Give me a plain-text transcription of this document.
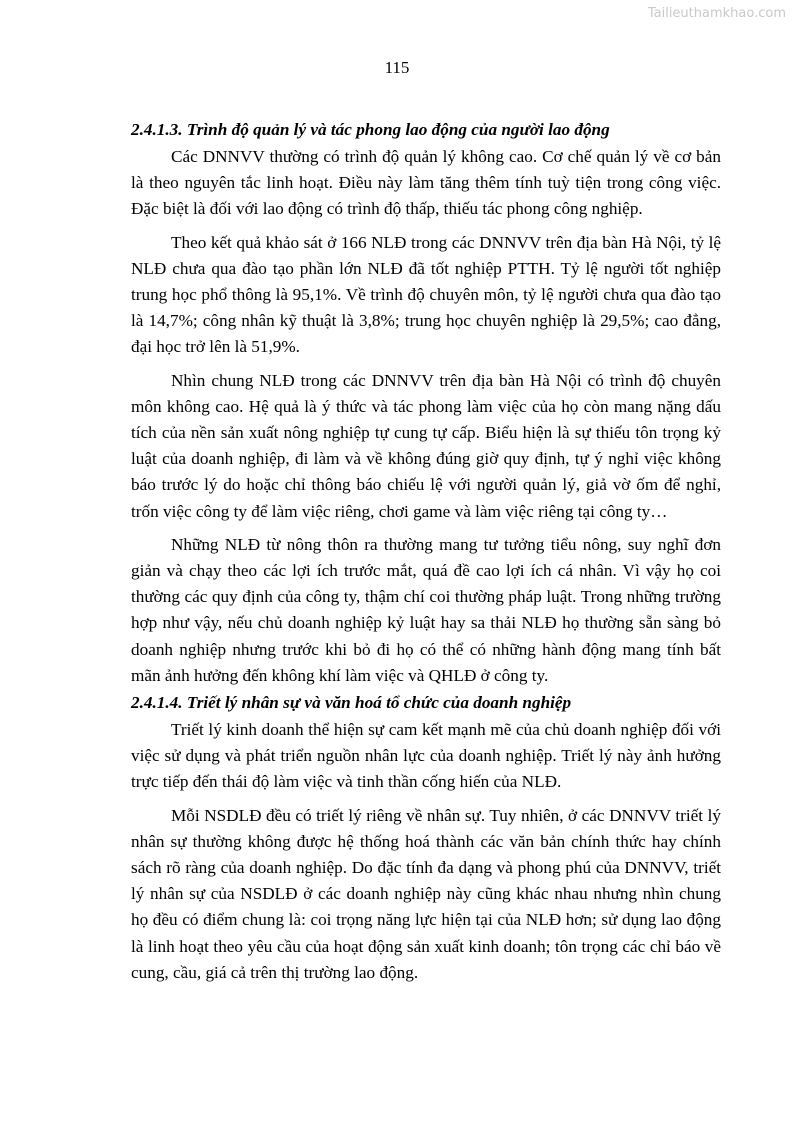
Tailieuthamkhao.com
115
2.4.1.3. Trình độ quản lý và tác phong lao động của người lao động

Các DNNVV thường có trình độ quản lý không cao. Cơ chế quản lý về cơ bản là theo nguyên tắc linh hoạt. Điều này làm tăng thêm tính tuỳ tiện trong công việc. Đặc biệt là đối với lao động có trình độ thấp, thiếu tác phong công nghiệp.

Theo kết quả khảo sát ở 166 NLĐ trong các DNNVV trên địa bàn Hà Nội, tỷ lệ NLĐ chưa qua đào tạo phần lớn NLĐ đã tốt nghiệp PTTH. Tỷ lệ người tốt nghiệp trung học phổ thông là 95,1%. Về trình độ chuyên môn, tỷ lệ người chưa qua đào tạo là 14,7%; công nhân kỹ thuật là 3,8%; trung học chuyên nghiệp là 29,5%; cao đẳng, đại học trở lên là 51,9%.

Nhìn chung NLĐ trong các DNNVV trên địa bàn Hà Nội có trình độ chuyên môn không cao. Hệ quả là ý thức và tác phong làm việc của họ còn mang nặng dấu tích của nền sản xuất nông nghiệp tự cung tự cấp. Biểu hiện là sự thiếu tôn trọng kỷ luật của doanh nghiệp, đi làm và về không đúng giờ quy định, tự ý nghỉ việc không báo trước lý do hoặc chỉ thông báo chiếu lệ với người quản lý, giả vờ ốm để nghỉ, trốn việc công ty để làm việc riêng, chơi game và làm việc riêng tại công ty…

Những NLĐ từ nông thôn ra thường mang tư tưởng tiểu nông, suy nghĩ đơn giản và chạy theo các lợi ích trước mắt, quá đề cao lợi ích cá nhân. Vì vậy họ coi thường các quy định của công ty, thậm chí coi thường pháp luật. Trong những trường hợp như vậy, nếu chủ doanh nghiệp kỷ luật hay sa thải NLĐ họ thường sẵn sàng bỏ doanh nghiệp nhưng trước khi bỏ đi họ có thể có những hành động mang tính bất mãn ảnh hưởng đến không khí làm việc và QHLĐ ở công ty.

2.4.1.4. Triết lý nhân sự và văn hoá tổ chức của doanh nghiệp

Triết lý kinh doanh thể hiện sự cam kết mạnh mẽ của chủ doanh nghiệp đối với việc sử dụng và phát triển nguồn nhân lực của doanh nghiệp. Triết lý này ảnh hưởng trực tiếp đến thái độ làm việc và tinh thần cống hiến của NLĐ.

Mỗi NSDLĐ đều có triết lý riêng về nhân sự. Tuy nhiên, ở các DNNVV triết lý nhân sự thường không được hệ thống hoá thành các văn bản chính thức hay chính sách rõ ràng của doanh nghiệp. Do đặc tính đa dạng và phong phú của DNNVV, triết lý nhân sự của NSDLĐ ở các doanh nghiệp này cũng khác nhau nhưng nhìn chung họ đều có điểm chung là: coi trọng năng lực hiện tại của NLĐ hơn; sử dụng lao động là linh hoạt theo yêu cầu của hoạt động sản xuất kinh doanh; tôn trọng các chỉ báo về cung, cầu, giá cả trên thị trường lao động.
